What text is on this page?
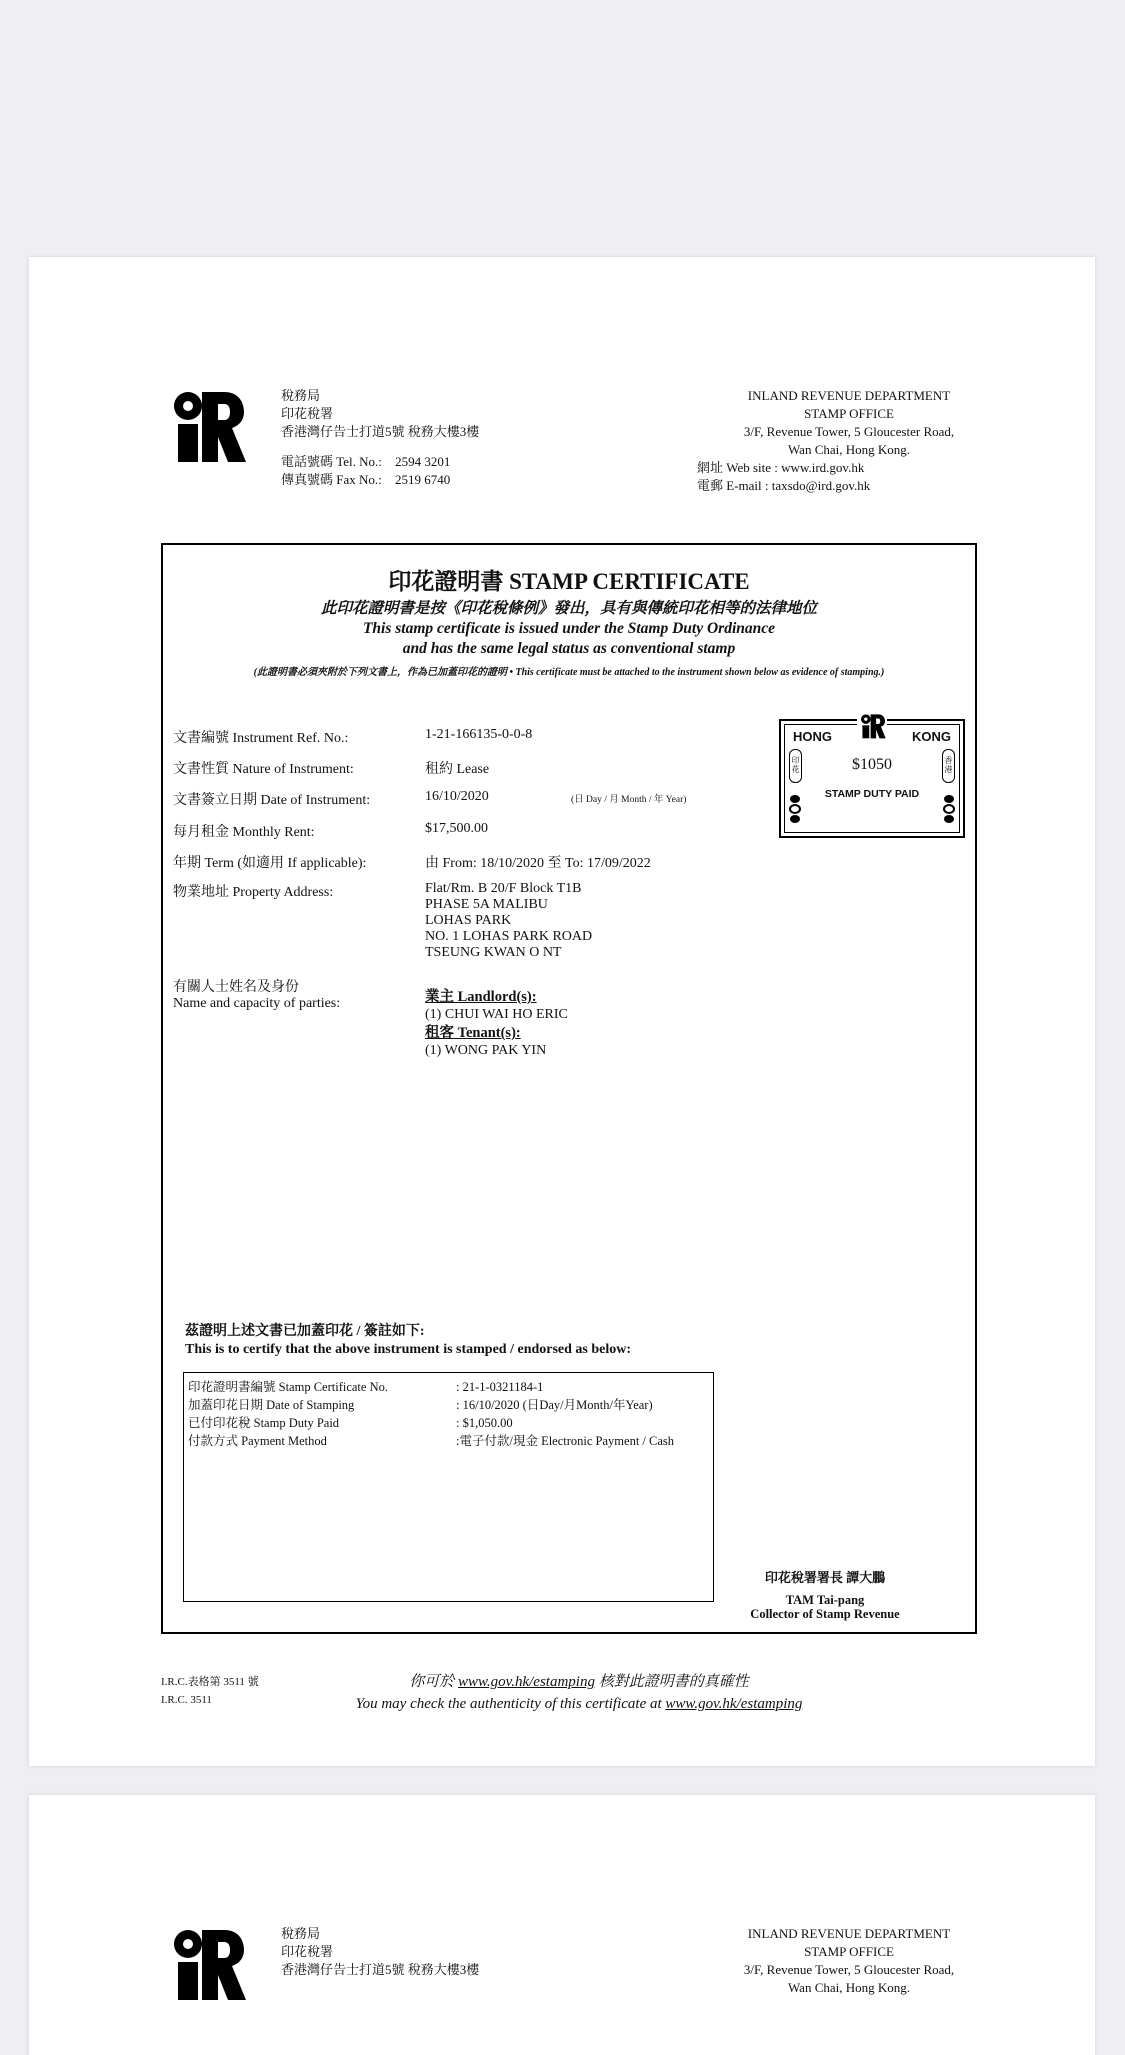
稅務局
印花稅署
香港灣仔告士打道5號 稅務大樓3樓
電話號碼 Tel. No.: 2594 3201
傳真號碼 Fax No.: 2519 6740
INLAND REVENUE DEPARTMENT
STAMP OFFICE
3/F, Revenue Tower, 5 Gloucester Road,
Wan Chai, Hong Kong.
網址 Web site : www.ird.gov.hk
電郵 E-mail : taxsdo@ird.gov.hk
印花證明書 STAMP CERTIFICATE
此印花證明書是按《印花稅條例》發出，具有與傳統印花相等的法律地位
This stamp certificate is issued under the Stamp Duty Ordinance
and has the same legal status as conventional stamp
(此證明書必須夾附於下列文書上，作為已加蓋印花的證明 • This certificate must be attached to the instrument shown below as evidence of stamping.)
文書編號 Instrument Ref. No.:	1-21-166135-0-0-8
文書性質 Nature of Instrument:	租約 Lease
文書簽立日期 Date of Instrument:	16/10/2020	(日 Day / 月 Month / 年 Year)
每月租金 Monthly Rent:	$17,500.00
年期 Term (如適用 If applicable):	由 From: 18/10/2020 至 To: 17/09/2022
物業地址 Property Address:	Flat/Rm. B 20/F Block T1B
PHASE 5A MALIBU
LOHAS PARK
NO. 1 LOHAS PARK ROAD
TSEUNG KWAN O NT
有關人士姓名及身份
Name and capacity of parties:	業主 Landlord(s):
(1) CHUI WAI HO ERIC
租客 Tenant(s):
(1) WONG PAK YIN
HONG	KONG
印花
香港
$1050
STAMP DUTY PAID
茲證明上述文書已加蓋印花 / 簽註如下:
This is to certify that the above instrument is stamped / endorsed as below:
印花證明書編號 Stamp Certificate No.	: 21-1-0321184-1
加蓋印花日期 Date of Stamping	: 16/10/2020 (日Day/月Month/年Year)
已付印花稅 Stamp Duty Paid	: $1,050.00
付款方式 Payment Method	:電子付款/現金 Electronic Payment / Cash
印花稅署署長 譚大鵬
TAM Tai-pang
Collector of Stamp Revenue
I.R.C.表格第 3511 號
I.R.C. 3511
你可於 www.gov.hk/estamping 核對此證明書的真確性
You may check the authenticity of this certificate at www.gov.hk/estamping
稅務局
印花稅署
香港灣仔告士打道5號 稅務大樓3樓
INLAND REVENUE DEPARTMENT
STAMP OFFICE
3/F, Revenue Tower, 5 Gloucester Road,
Wan Chai, Hong Kong.
